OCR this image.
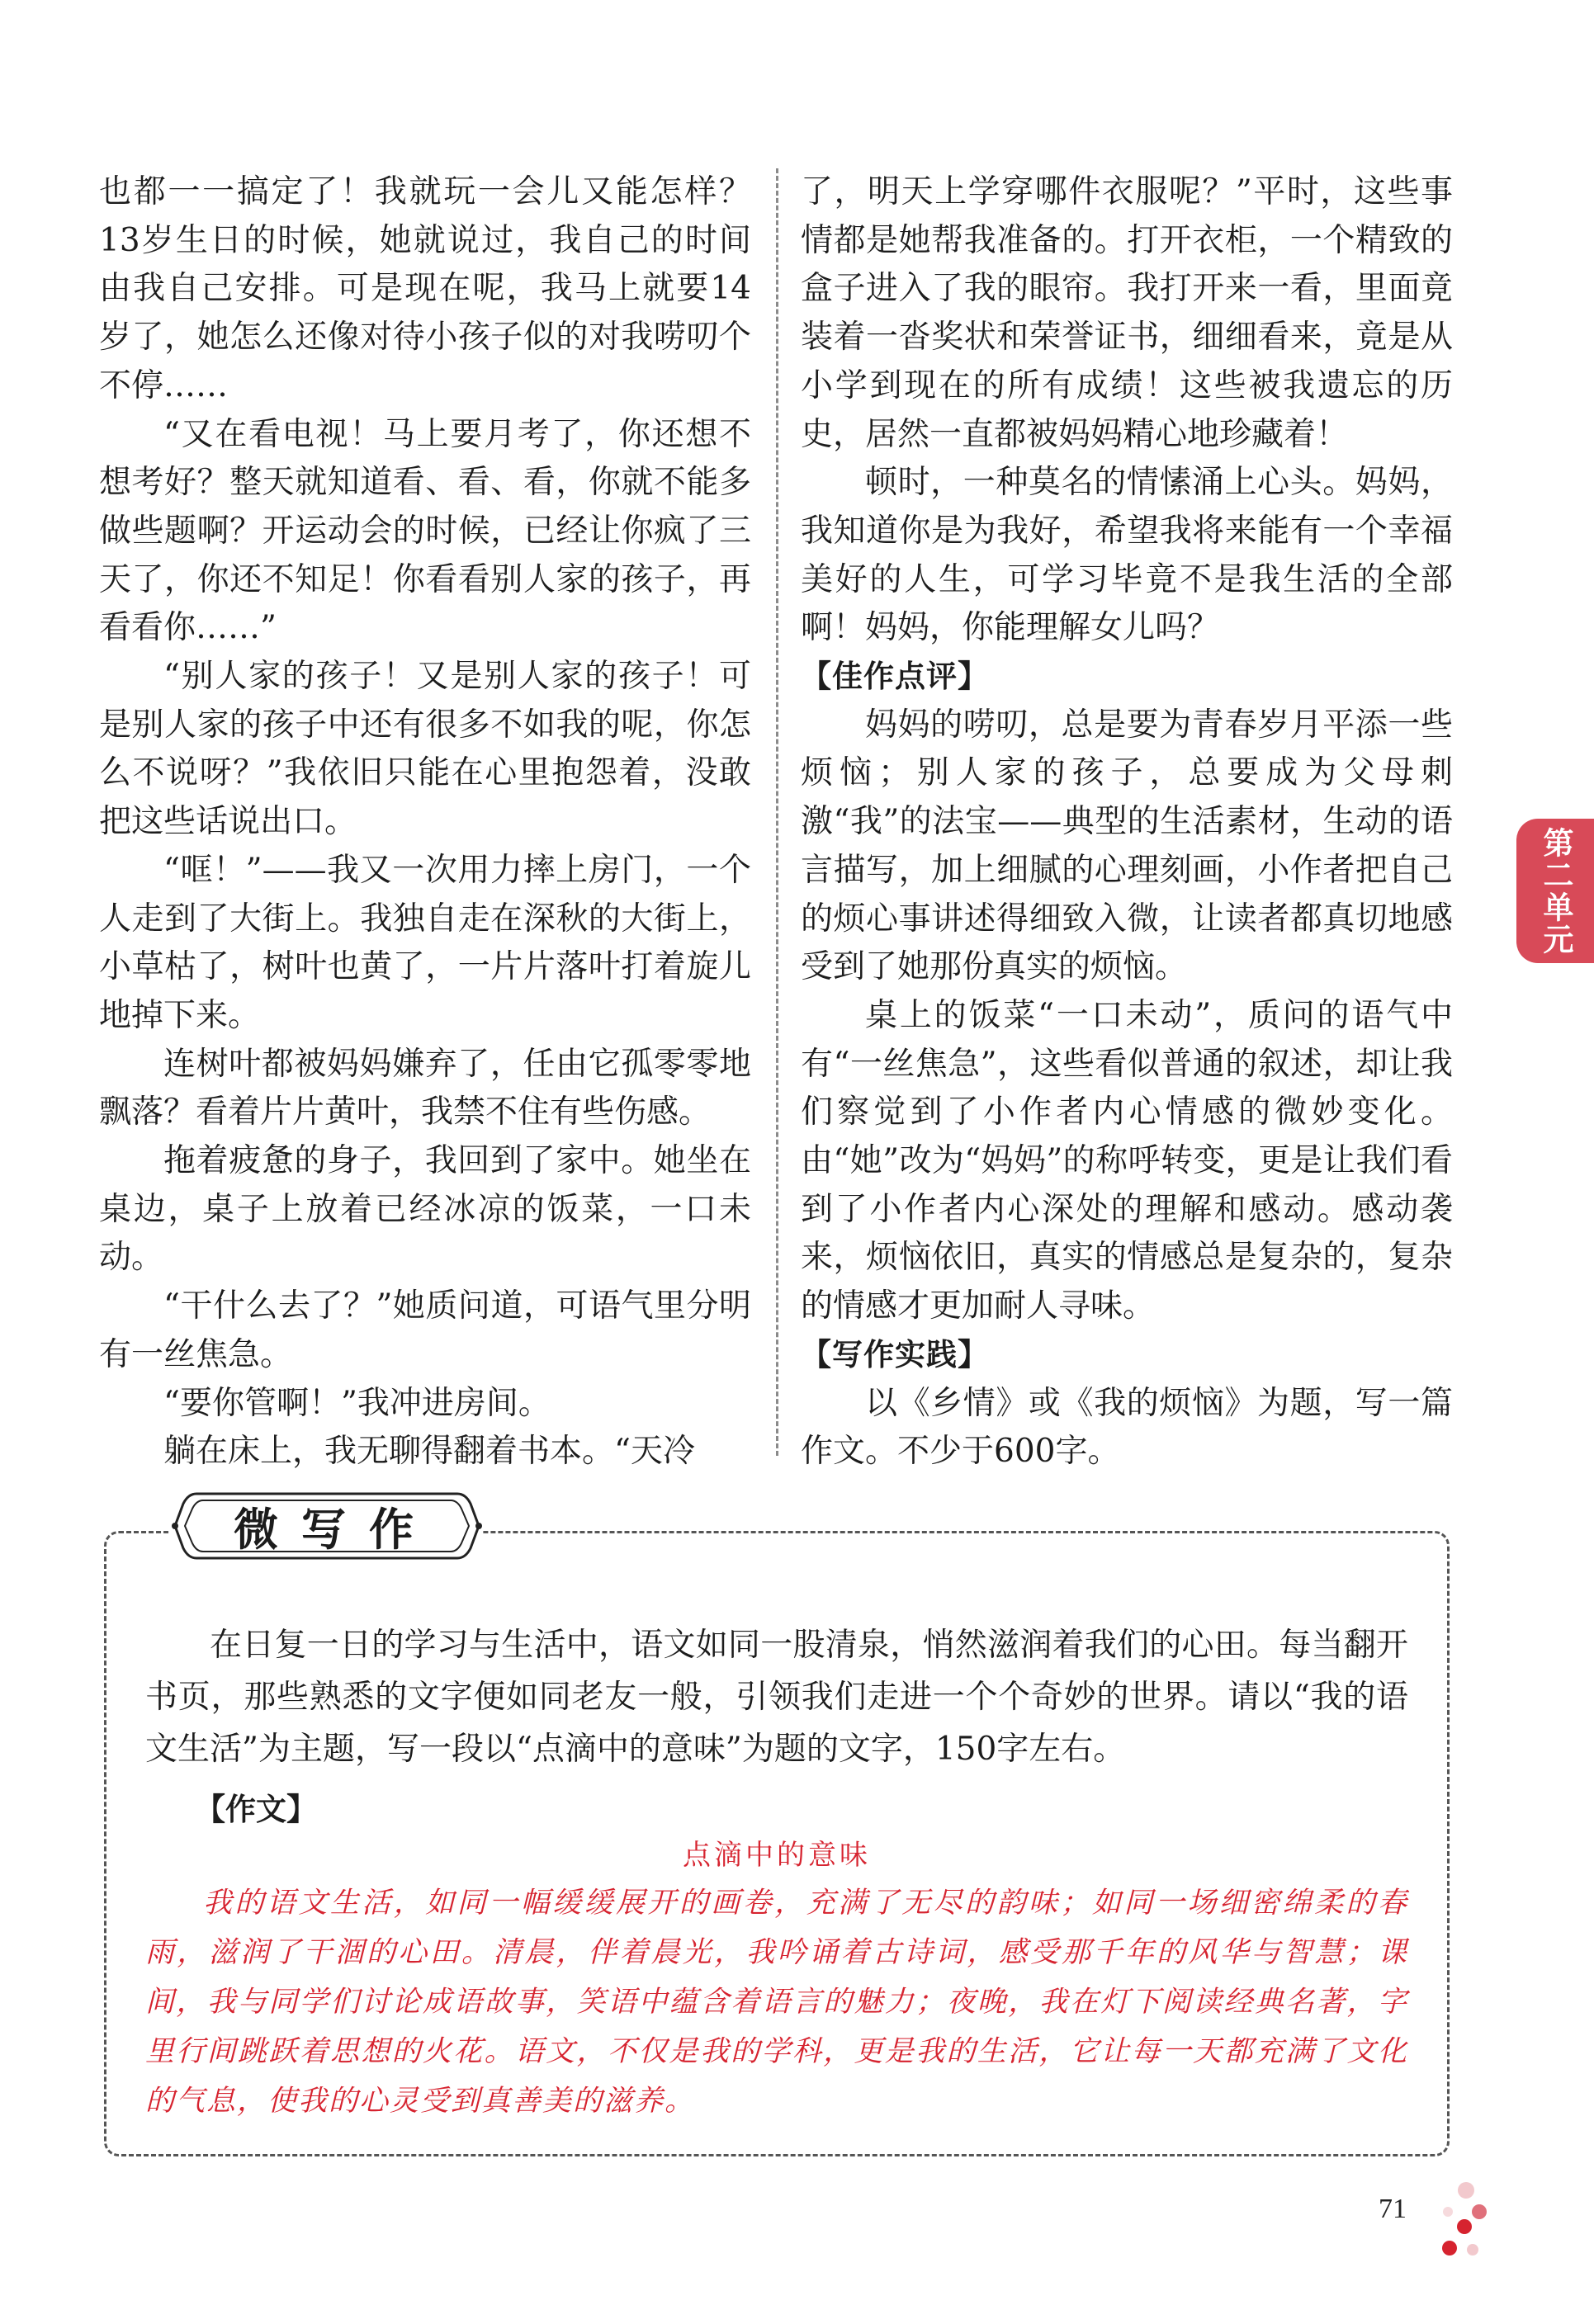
也都一一搞定了！我就玩一会儿又能怎样？13岁生日的时候，她就说过，我自己的时间由我自己安排。可是现在呢，我马上就要14岁了，她怎么还像对待小孩子似的对我唠叨个不停……

“又在看电视！马上要月考了，你还想不想考好？整天就知道看、看、看，你就不能多做些题啊？开运动会的时候，已经让你疯了三天了，你还不知足！你看看别人家的孩子，再看看你……”

“别人家的孩子！又是别人家的孩子！可是别人家的孩子中还有很多不如我的呢，你怎么不说呀？”我依旧只能在心里抱怨着，没敢把这些话说出口。

“哐！”——我又一次用力摔上房门，一个人走到了大街上。我独自走在深秋的大街上，小草枯了，树叶也黄了，一片片落叶打着旋儿地掉下来。

连树叶都被妈妈嫌弃了，任由它孤零零地飘落？看着片片黄叶，我禁不住有些伤感。

拖着疲惫的身子，我回到了家中。她坐在桌边，桌子上放着已经冰凉的饭菜，一口未动。

“干什么去了？”她质问道，可语气里分明有一丝焦急。

“要你管啊！”我冲进房间。

躺在床上，我无聊得翻着书本。“天冷

了，明天上学穿哪件衣服呢？”平时，这些事情都是她帮我准备的。打开衣柜，一个精致的盒子进入了我的眼帘。我打开来一看，里面竟装着一沓奖状和荣誉证书，细细看来，竟是从小学到现在的所有成绩！这些被我遗忘的历史，居然一直都被妈妈精心地珍藏着！

顿时，一种莫名的情愫涌上心头。妈妈，我知道你是为我好，希望我将来能有一个幸福美好的人生，可学习毕竟不是我生活的全部啊！妈妈，你能理解女儿吗？

【佳作点评】

妈妈的唠叨，总是要为青春岁月平添一些烦恼；别人家的孩子，总要成为父母刺激“我”的法宝——典型的生活素材，生动的语言描写，加上细腻的心理刻画，小作者把自己的烦心事讲述得细致入微，让读者都真切地感受到了她那份真实的烦恼。

桌上的饭菜“一口未动”，质问的语气中有“一丝焦急”，这些看似普通的叙述，却让我们察觉到了小作者内心情感的微妙变化。由“她”改为“妈妈”的称呼转变，更是让我们看到了小作者内心深处的理解和感动。感动袭来，烦恼依旧，真实的情感总是复杂的，复杂的情感才更加耐人寻味。

【写作实践】

以《乡情》或《我的烦恼》为题，写一篇作文。不少于600字。

第二单元
微写作

在日复一日的学习与生活中，语文如同一股清泉，悄然滋润着我们的心田。每当翻开书页，那些熟悉的文字便如同老友一般，引领我们走进一个个奇妙的世界。请以“我的语文生活”为主题，写一段以“点滴中的意味”为题的文字，150字左右。

【作文】
点滴中的意味

我的语文生活，如同一幅缓缓展开的画卷，充满了无尽的韵味；如同一场细密绵柔的春雨，滋润了干涸的心田。清晨，伴着晨光，我吟诵着古诗词，感受那千年的风华与智慧；课间，我与同学们讨论成语故事，笑语中蕴含着语言的魅力；夜晚，我在灯下阅读经典名著，字里行间跳跃着思想的火花。语文，不仅是我的学科，更是我的生活，它让每一天都充满了文化的气息，使我的心灵受到真善美的滋养。

71
